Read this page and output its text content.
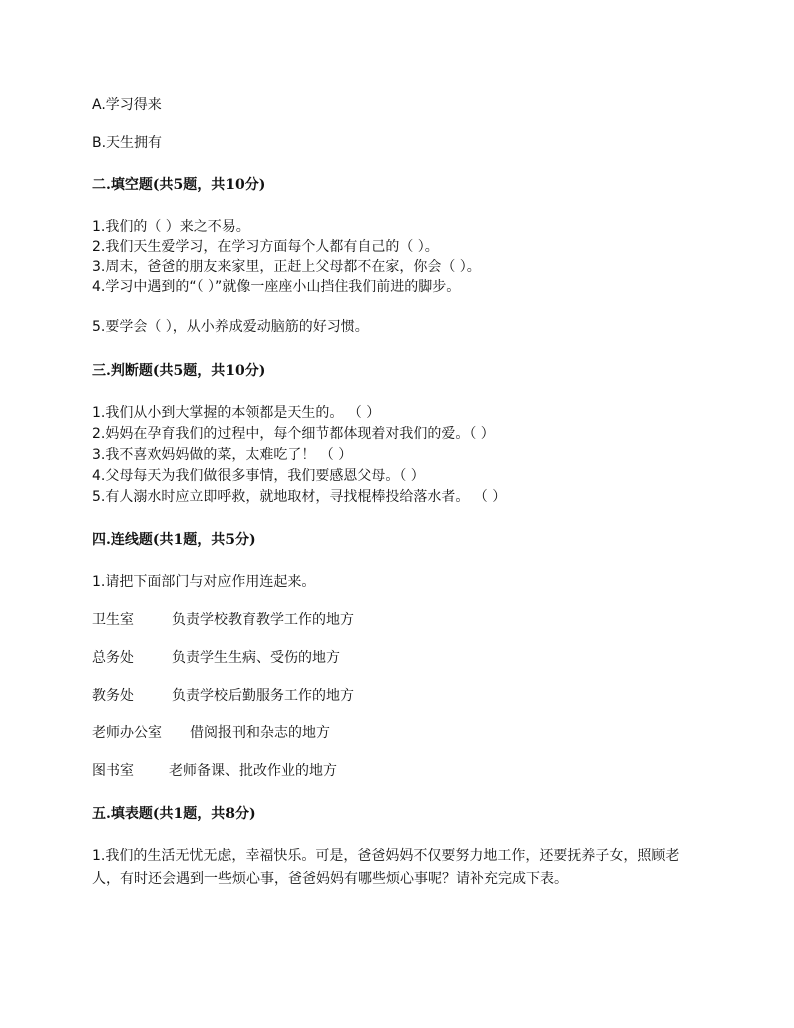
A.学习得来
B.天生拥有
二.填空题(共5题，共10分)
1.我们的（ ）来之不易。
2.我们天生爱学习，在学习方面每个人都有自己的（ ）。
3.周末，爸爸的朋友来家里，正赶上父母都不在家，你会（ ）。
4.学习中遇到的“（ ）”就像一座座小山挡住我们前进的脚步。
5.要学会（ ），从小养成爱动脑筋的好习惯。
三.判断题(共5题，共10分)
1.我们从小到大掌握的本领都是天生的。 （ ）
2.妈妈在孕育我们的过程中，每个细节都体现着对我们的爱。（ ）
3.我不喜欢妈妈做的菜，太难吃了！ （ ）
4.父母每天为我们做很多事情，我们要感恩父母。（ ）
5.有人溺水时应立即呼救，就地取材，寻找棍棒投给落水者。 （ ）
四.连线题(共1题，共5分)
1.请把下面部门与对应作用连起来。
卫生室	负责学校教育教学工作的地方
总务处	负责学生生病、受伤的地方
教务处	负责学校后勤服务工作的地方
老师办公室 借阅报刊和杂志的地方
图书室	老师备课、批改作业的地方
五.填表题(共1题，共8分)
1.我们的生活无忧无虑，幸福快乐。可是，爸爸妈妈不仅要努力地工作，还要抚养子女，照顾老人，有时还会遇到一些烦心事，爸爸妈妈有哪些烦心事呢？请补充完成下表。
